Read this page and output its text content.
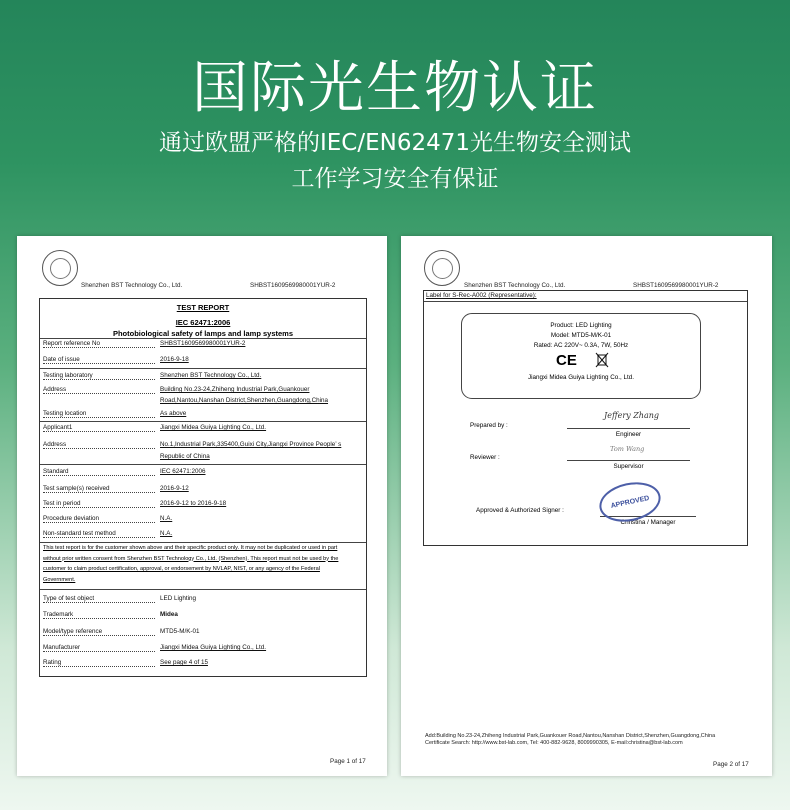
国际光生物认证
通过欧盟严格的IEC/EN62471光生物安全测试
工作学习安全有保证
Shenzhen BST Technology Co., Ltd.	SHBST1609569980001YUR-2
TEST REPORT
IEC 62471:2006
Photobiological safety of lamps and lamp systems
Report reference No	SHBST1609569980001YUR-2
Date of issue	2016-9-18
Testing laboratory	Shenzhen BST Technology Co., Ltd.
Address	Building No.23-24,Zhiheng Industrial Park,Guankouer
Road,Nantou,Nanshan District,Shenzhen,Guangdong,China
Testing location	As above
Applicant1	Jiangxi Midea Guiya Lighting Co., Ltd.
Address	No.1,Industrial Park,335400,Guixi City,Jiangxi Province People’ s
Republic of China
Standard	IEC 62471:2006
Test sample(s) received	2016-9-12
Test in period	2016-9-12 to 2016-9-18
Procedure deviation	N.A.
Non-standard test method	N.A.
This test report is for the customer shown above and their specific product only. It may not be duplicated or used in part
without prior written consent from Shenzhen BST Technology Co., Ltd. (Shenzhen). This report must not be used by the
customer to claim product certification, approval, or endorsement by NVLAP, NIST, or any agency of the Federal
Government.
Type of test object	LED Lighting
Trademark	Midea
Model/type reference	MTD5-M/K-01
Manufacturer	Jiangxi Midea Guiya Lighting Co., Ltd.
Rating	See page 4 of 15
Page 1 of 17
Shenzhen BST Technology Co., Ltd.	SHBST1609569980001YUR-2
Label for S-Rec-A002 (Representative):
Product: LED Lighting
Model: MTD5-M/K-01
Rated: AC 220V~ 0.3A, 7W, 50Hz
CE
Jiangxi Midea Guiya Lighting Co., Ltd.
Prepared by :
Jeffery Zhang
Engineer
Reviewer :
Tom Wang
Supervisor
Approved & Authorized Signer :
Christina / Manager
APPROVED
Add:Building No.23-24,Zhiheng Industrial Park,Guankouer Road,Nantou,Nanshan District,Shenzhen,Guangdong,China
Certificate Search: http://www.bst-lab.com, Tel: 400-882-9628, 8009990305, E-mail:christina@bst-lab.com
Page 2 of 17
